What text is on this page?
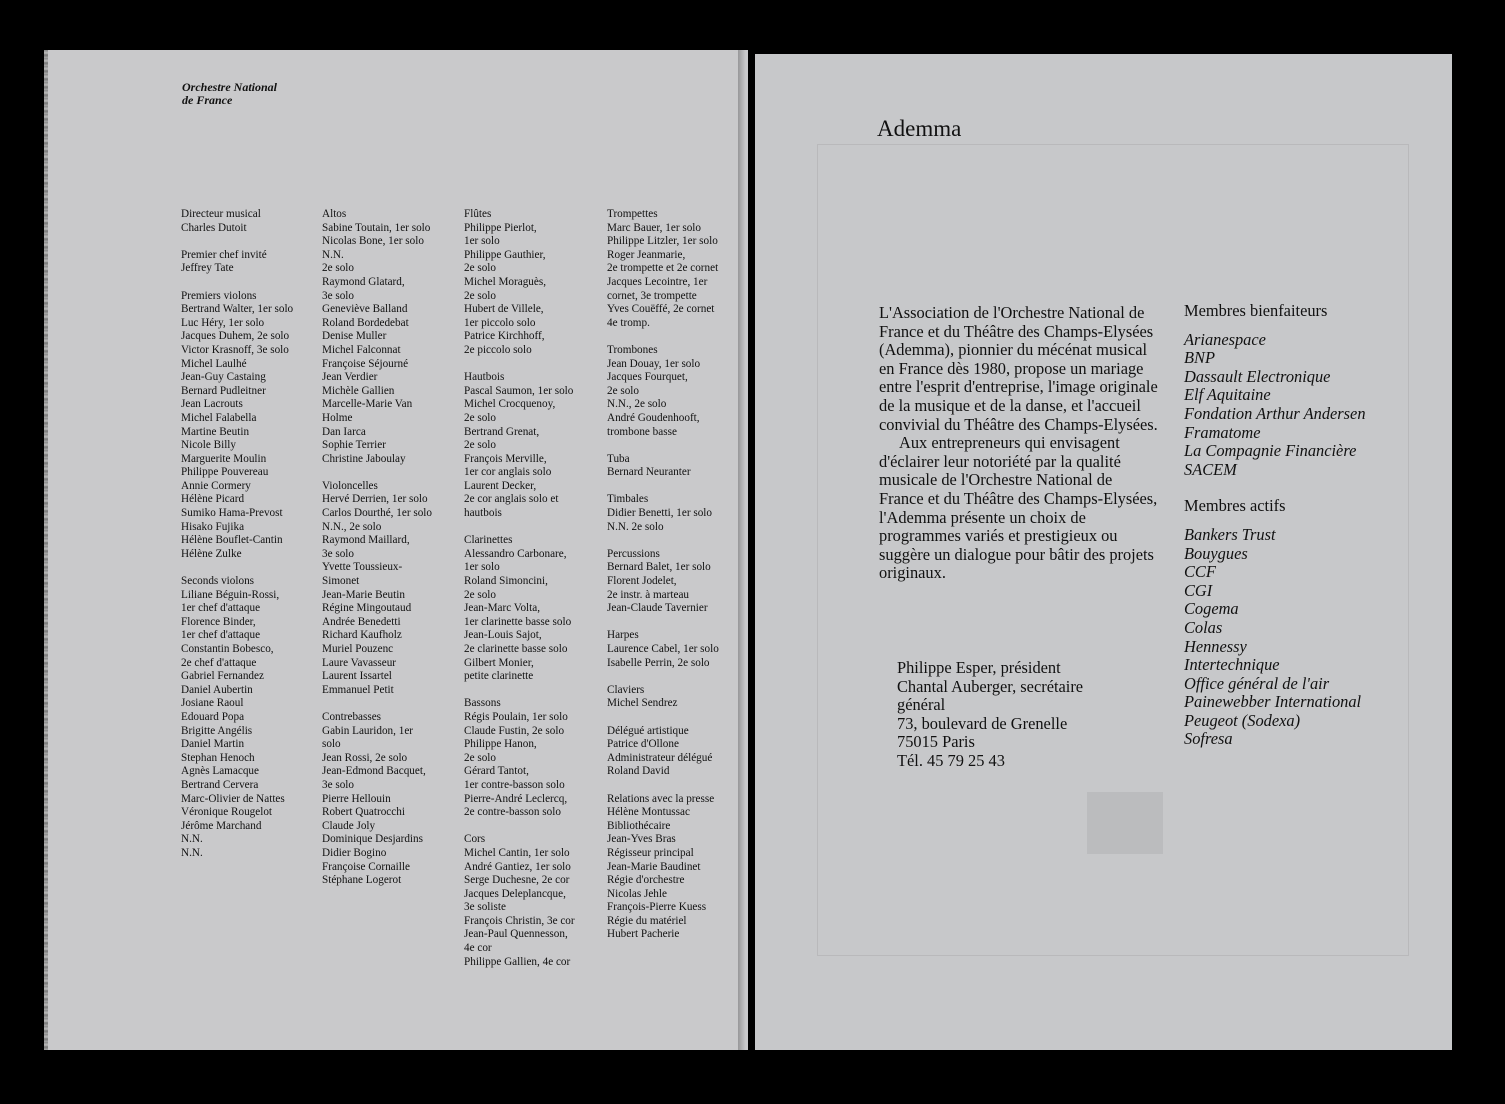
Orchestre National
de France
Directeur musical
Charles Dutoit
Premier chef invité
Jeffrey Tate
Premiers violons
Bertrand Walter, 1er solo
Luc Héry, 1er solo
Jacques Duhem, 2e solo
Victor Krasnoff, 3e solo
Michel Laulhé
Jean-Guy Castaing
Bernard Pudleitner
Jean Lacrouts
Michel Falabella
Martine Beutin
Nicole Billy
Marguerite Moulin
Philippe Pouvereau
Annie Cormery
Hélène Picard
Sumiko Hama-Prevost
Hisako Fujika
Hélène Bouflet-Cantin
Hélène Zulke
Seconds violons
Liliane Béguin-Rossi,
1er chef d'attaque
Florence Binder,
1er chef d'attaque
Constantin Bobesco,
2e chef d'attaque
Gabriel Fernandez
Daniel Aubertin
Josiane Raoul
Edouard Popa
Brigitte Angélis
Daniel Martin
Stephan Henoch
Agnès Lamacque
Bertrand Cervera
Marc-Olivier de Nattes
Véronique Rougelot
Jérôme Marchand
N.N.
N.N.
Altos
Sabine Toutain, 1er solo
Nicolas Bone, 1er solo
N.N.
2e solo
Raymond Glatard,
3e solo
Geneviève Balland
Roland Bordedebat
Denise Muller
Michel Falconnat
Françoise Séjourné
Jean Verdier
Michèle Gallien
Marcelle-Marie Van
Holme
Dan Iarca
Sophie Terrier
Christine Jaboulay
Violoncelles
Hervé Derrien, 1er solo
Carlos Dourthé, 1er solo
N.N., 2e solo
Raymond Maillard,
3e solo
Yvette Toussieux-
Simonet
Jean-Marie Beutin
Régine Mingoutaud
Andrée Benedetti
Richard Kaufholz
Muriel Pouzenc
Laure Vavasseur
Laurent Issartel
Emmanuel Petit
Contrebasses
Gabin Lauridon, 1er
solo
Jean Rossi, 2e solo
Jean-Edmond Bacquet,
3e solo
Pierre Hellouin
Robert Quatrocchi
Claude Joly
Dominique Desjardins
Didier Bogino
Françoise Cornaille
Stéphane Logerot
Flûtes
Philippe Pierlot,
1er solo
Philippe Gauthier,
2e solo
Michel Moraguès,
2e solo
Hubert de Villele,
1er piccolo solo
Patrice Kirchhoff,
2e piccolo solo
Hautbois
Pascal Saumon, 1er solo
Michel Crocquenoy,
2e solo
Bertrand Grenat,
2e solo
François Merville,
1er cor anglais solo
Laurent Decker,
2e cor anglais solo et
hautbois
Clarinettes
Alessandro Carbonare,
1er solo
Roland Simoncini,
2e solo
Jean-Marc Volta,
1er clarinette basse solo
Jean-Louis Sajot,
2e clarinette basse solo
Gilbert Monier,
petite clarinette
Bassons
Régis Poulain, 1er solo
Claude Fustin, 2e solo
Philippe Hanon,
2e solo
Gérard Tantot,
1er contre-basson solo
Pierre-André Leclercq,
2e contre-basson solo
Cors
Michel Cantin, 1er solo
André Gantiez, 1er solo
Serge Duchesne, 2e cor
Jacques Deleplancque,
3e soliste
François Christin, 3e cor
Jean-Paul Quennesson,
4e cor
Philippe Gallien, 4e cor
Trompettes
Marc Bauer, 1er solo
Philippe Litzler, 1er solo
Roger Jeanmarie,
2e trompette et 2e cornet
Jacques Lecointre, 1er
cornet, 3e trompette
Yves Couëffé, 2e cornet
4e tromp.
Trombones
Jean Douay, 1er solo
Jacques Fourquet,
2e solo
N.N., 2e solo
André Goudenhooft,
trombone basse
Tuba
Bernard Neuranter
Timbales
Didier Benetti, 1er solo
N.N. 2e solo
Percussions
Bernard Balet, 1er solo
Florent Jodelet,
2e instr. à marteau
Jean-Claude Tavernier
Harpes
Laurence Cabel, 1er solo
Isabelle Perrin, 2e solo
Claviers
Michel Sendrez
Délégué artistique
Patrice d'Ollone
Administrateur délégué
Roland David
Relations avec la presse
Hélène Montussac
Bibliothécaire
Jean-Yves Bras
Régisseur principal
Jean-Marie Baudinet
Régie d'orchestre
Nicolas Jehle
François-Pierre Kuess
Régie du matériel
Hubert Pacherie
Ademma

L'Association de l'Orchestre National de France et du Théâtre des Champs-Elysées (Ademma), pionnier du mécénat musical en France dès 1980, propose un mariage entre l'esprit d'entreprise, l'image originale de la musique et de la danse, et l'accueil convivial du Théâtre des Champs-Elysées.

Aux entrepreneurs qui envisagent d'éclairer leur notoriété par la qualité musicale de l'Orchestre National de France et du Théâtre des Champs-Elysées, l'Ademma présente un choix de programmes variés et prestigieux ou suggère un dialogue pour bâtir des projets originaux.

Philippe Esper, président
Chantal Auberger, secrétaire
général
73, boulevard de Grenelle
75015 Paris
Tél. 45 79 25 43
Membres bienfaiteurs
Arianespace
BNP
Dassault Electronique
Elf Aquitaine
Fondation Arthur Andersen
Framatome
La Compagnie Financière
SACEM
Membres actifs
Bankers Trust
Bouygues
CCF
CGI
Cogema
Colas
Hennessy
Intertechnique
Office général de l'air
Painewebber International
Peugeot (Sodexa)
Sofresa
